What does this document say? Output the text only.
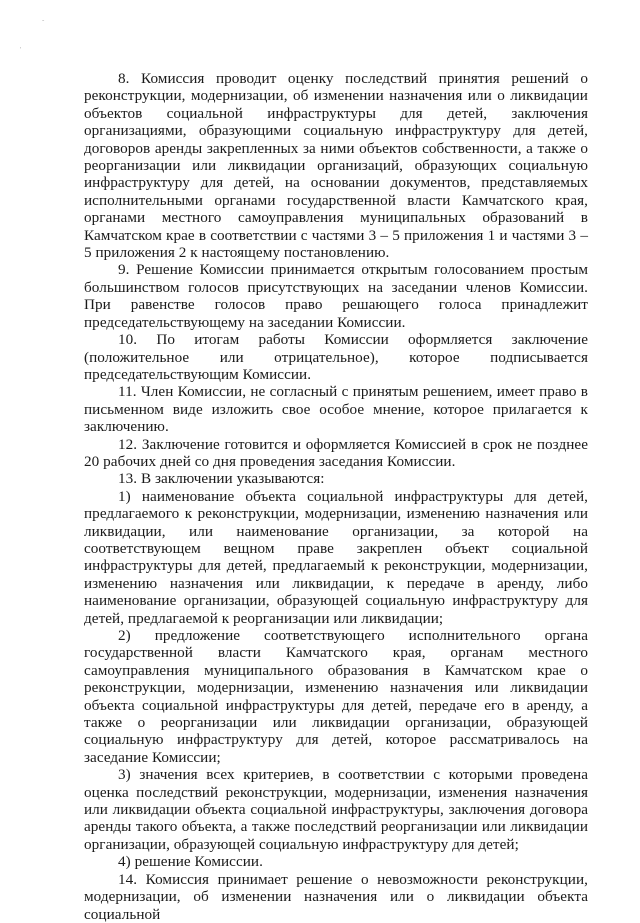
-
'

8. Комиссия проводит оценку последствий принятия решений о реконструкции, модернизации, об изменении назначения или о ликвидации объектов социальной инфраструктуры для детей, заключения организациями, образующими социальную инфраструктуру для детей, договоров аренды закрепленных за ними объектов собственности, а также о реорганизации или ликвидации организаций, образующих социальную инфраструктуру для детей, на основании документов, представляемых исполнительными органами государственной власти Камчатского края, органами местного самоуправления муниципальных образований в Камчатском крае в соответствии с частями 3 – 5 приложения 1 и частями 3 – 5 приложения 2 к настоящему постановлению.

9. Решение Комиссии принимается открытым голосованием простым большинством голосов присутствующих на заседании членов Комиссии. При равенстве голосов право решающего голоса принадлежит председательствующему на заседании Комиссии.

10. По итогам работы Комиссии оформляется заключение (положительное или отрицательное), которое подписывается председательствующим Комиссии.

11. Член Комиссии, не согласный с принятым решением, имеет право в письменном виде изложить свое особое мнение, которое прилагается к заключению.

12. Заключение готовится и оформляется Комиссией в срок не позднее 20 рабочих дней со дня проведения заседания Комиссии.

13. В заключении указываются:

1) наименование объекта социальной инфраструктуры для детей, предлагаемого к реконструкции, модернизации, изменению назначения или ликвидации, или наименование организации, за которой на соответствующем вещном праве закреплен объект социальной инфраструктуры для детей, предлагаемый к реконструкции, модернизации, изменению назначения или ликвидации, к передаче в аренду, либо наименование организации, образующей социальную инфраструктуру для детей, предлагаемой к реорганизации или ликвидации;

2) предложение соответствующего исполнительного органа государственной власти Камчатского края, органам местного самоуправления муниципального образования в Камчатском крае о реконструкции, модернизации, изменению назначения или ликвидации объекта социальной инфраструктуры для детей, передаче его в аренду, а также о реорганизации или ликвидации организации, образующей социальную инфраструктуру для детей, которое рассматривалось на заседание Комиссии;

3) значения всех критериев, в соответствии с которыми проведена оценка последствий реконструкции, модернизации, изменения назначения или ликвидации объекта социальной инфраструктуры, заключения договора аренды такого объекта, а также последствий реорганизации или ликвидации организации, образующей социальную инфраструктуру для детей;

4) решение Комиссии.

14. Комиссия принимает решение о невозможности реконструкции, модернизации, об изменении назначения или о ликвидации объекта социальной
